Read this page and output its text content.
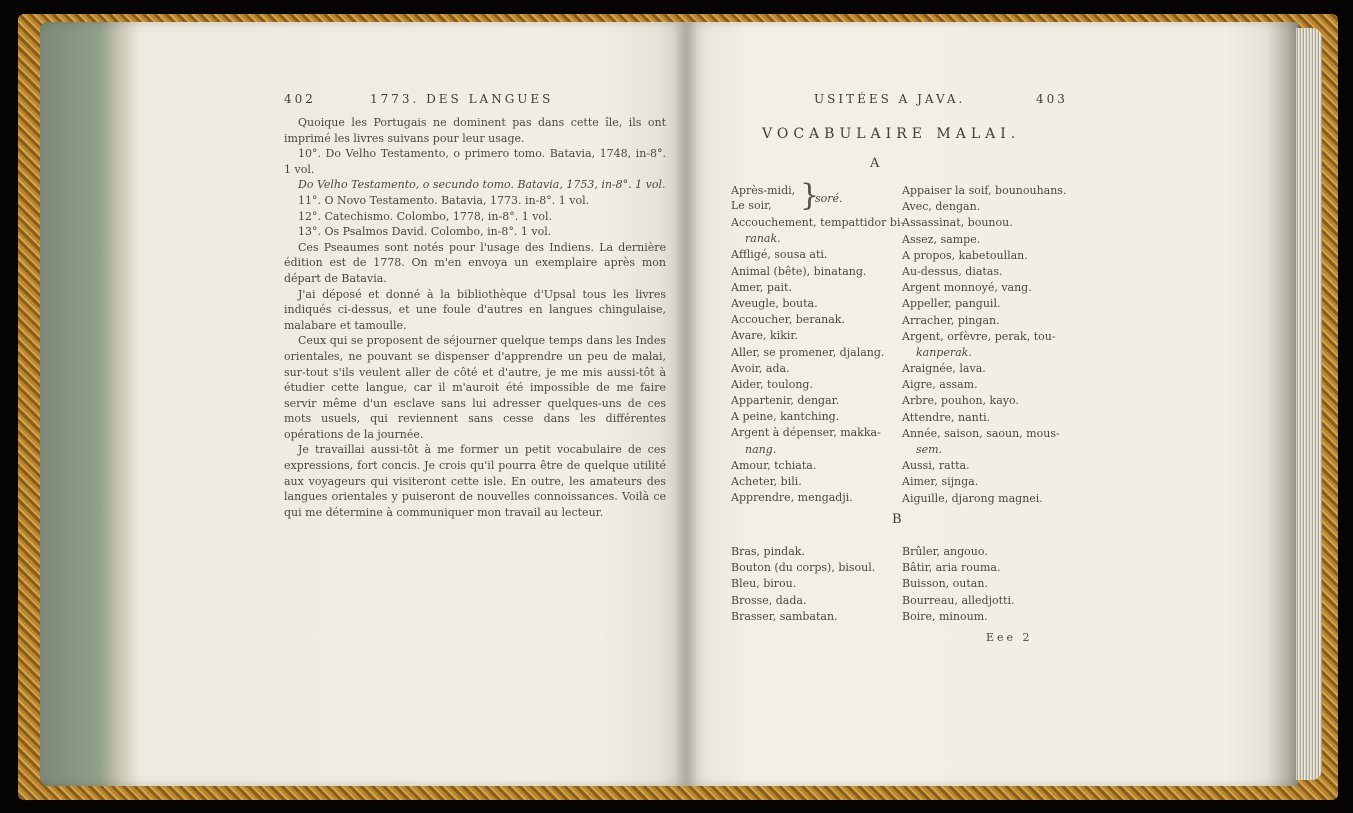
402	1773. DES LANGUES

Quoique les Portugais ne dominent pas dans cette île, ils ont imprimé les livres suivans pour leur usage.

10°. Do Velho Testamento, o primero tomo. Batavia, 1748, in-8°. 1 vol.

Do Velho Testamento, o secundo tomo. Batavia, 1753, in-8°. 1 vol.

11°. O Novo Testamento. Batavia, 1773. in-8°. 1 vol.

12°. Catechismo. Colombo, 1778, in-8°. 1 vol.

13°. Os Psalmos David. Colombo, in-8°. 1 vol.

Ces Pseaumes sont notés pour l'usage des Indiens. La dernière édition est de 1778. On m'en envoya un exemplaire après mon départ de Batavia.

J'ai déposé et donné à la bibliothèque d'Upsal tous les livres indiqués ci-dessus, et une foule d'autres en langues chingulaise, malabare et tamoulle.

Ceux qui se proposent de séjourner quelque temps dans les Indes orientales, ne pouvant se dispenser d'apprendre un peu de malai, sur-tout s'ils veulent aller de côté et d'autre, je me mis aussi-tôt à étudier cette langue, car il m'auroit été impossible de me faire servir même d'un esclave sans lui adresser quelques-uns de ces mots usuels, qui reviennent sans cesse dans les différentes opérations de la journée.

Je travaillai aussi-tôt à me former un petit vocabulaire de ces expressions, fort concis. Je crois qu'il pourra être de quelque utilité aux voyageurs qui visiteront cette isle. En outre, les amateurs des langues orientales y puiseront de nouvelles connoissances. Voilà ce qui me détermine à communiquer mon travail au lecteur.

USITÉES A JAVA.	403
VOCABULAIRE MALAI.
A
Après-midi,
Le soir, }
soré.
Accouchement, tempattidor bi-
ranak.
Affligé, sousa ati.
Animal (bête), binatang.
Amer, pait.
Aveugle, bouta.
Accoucher, beranak.
Avare, kikir.
Aller, se promener, djalang.
Avoir, ada.
Aider, toulong.
Appartenir, dengar.
A peine, kantching.
Argent à dépenser, makka-
nang.
Amour, tchiata.
Acheter, bili.
Apprendre, mengadji.
Appaiser la soif, bounouhans.
Avec, dengan.
Assassinat, bounou.
Assez, sampe.
A propos, kabetoullan.
Au-dessus, diatas.
Argent monnoyé, vang.
Appeller, panguil.
Arracher, pingan.
Argent, orfèvre, perak, tou-
kanperak.
Araignée, lava.
Aigre, assam.
Arbre, pouhon, kayo.
Attendre, nanti.
Année, saison, saoun, mous-
sem.
Aussi, ratta.
Aimer, sijnga.
Aiguille, djarong magnei.
B
Bras, pindak.
Bouton (du corps), bisoul.
Bleu, birou.
Brosse, dada.
Brasser, sambatan.
Brûler, angouo.
Bâtir, aria rouma.
Buisson, outan.
Bourreau, alledjotti.
Boire, minoum.
Eee 2
